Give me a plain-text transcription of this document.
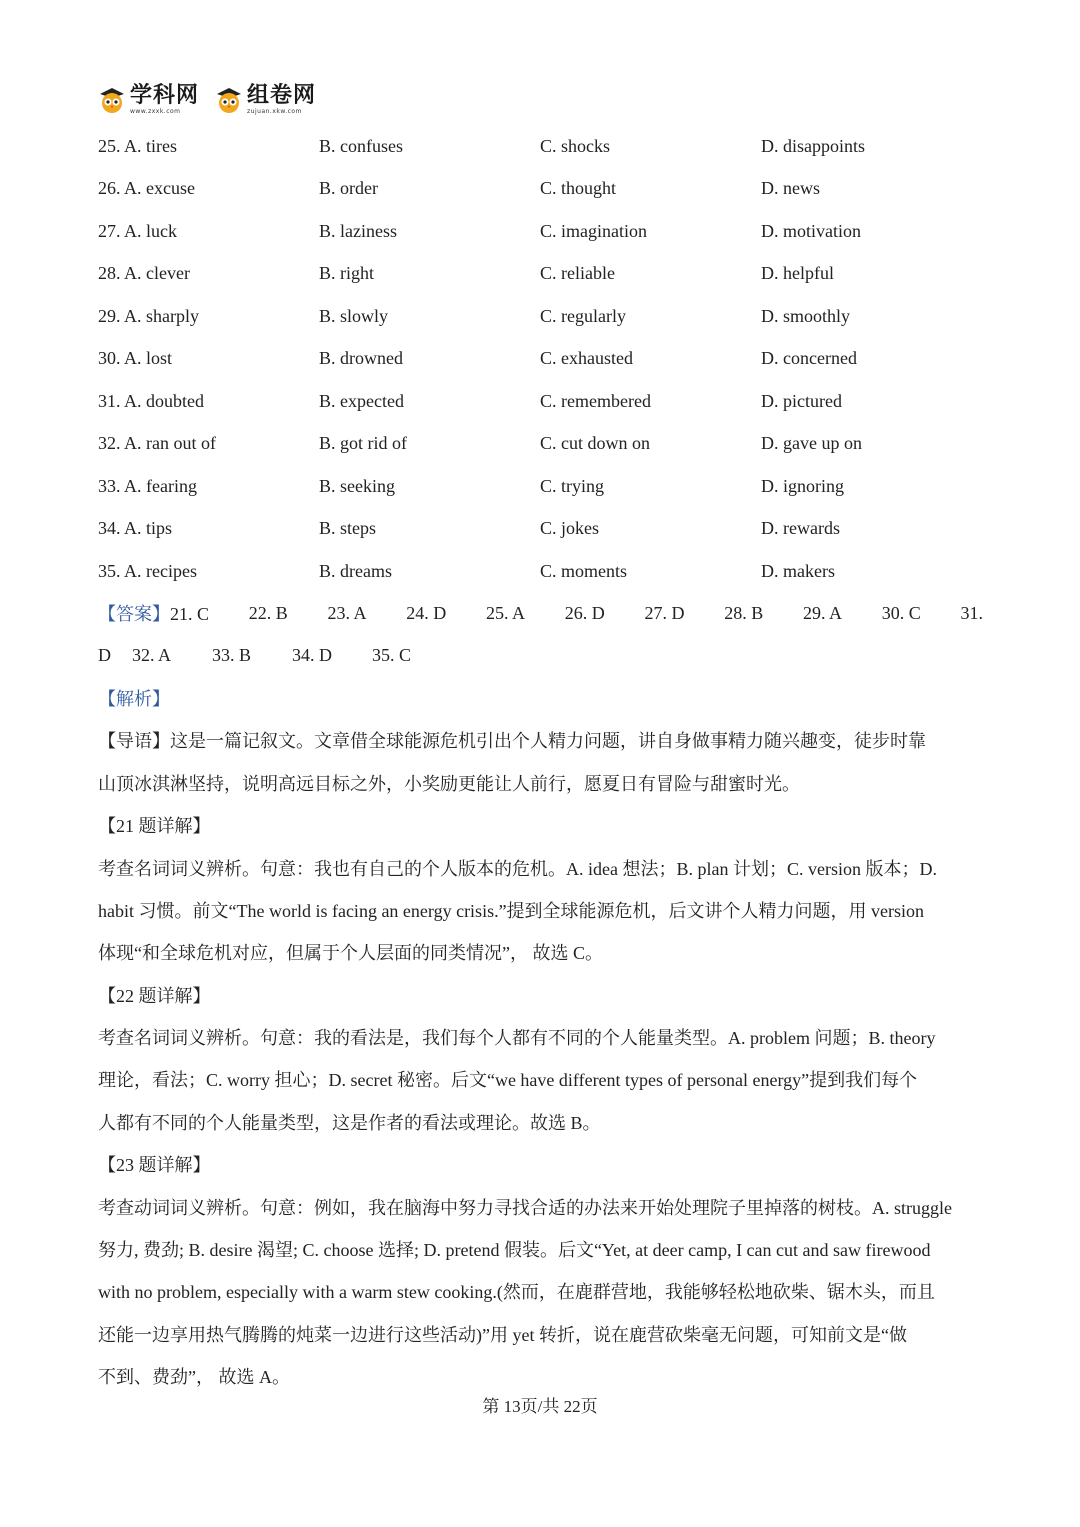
学科网
www.zxxk.com
组卷网
zujuan.xkw.com
25. A. tires	B. confuses	C. shocks	D. disappoints
26. A. excuse	B. order	C. thought	D. news
27. A. luck	B. laziness	C. imagination	D. motivation
28. A. clever	B. right	C. reliable	D. helpful
29. A. sharply	B. slowly	C. regularly	D. smoothly
30. A. lost	B. drowned	C. exhausted	D. concerned
31. A. doubted	B. expected	C. remembered	D. pictured
32. A. ran out of	B. got rid of	C. cut down on	D. gave up on
33. A. fearing	B. seeking	C. trying	D. ignoring
34. A. tips	B. steps	C. jokes	D. rewards
35. A. recipes	B. dreams	C. moments	D. makers
【答案】21. C 22. B 23. A 24. D 25. A 26. D 27. D 28. B 29. A 30. C 31.
D	32. A	33. B	34. D	35. C
【解析】
【导语】 这是一篇记叙文。文章借全球能源危机引出个人精力问题，讲自身做事精力随兴趣变，徒步时靠
山顶冰淇淋坚持，说明高远目标之外，小奖励更能让人前行，愿夏日有冒险与甜蜜时光。
【21 题详解】
考查名词词义辨析。句意：我也有自己的个人版本的危机。A. idea 想法；B. plan 计划；C. version 版本；D.
habit 习惯。前文“The world is facing an energy crisis.”提到全球能源危机，后文讲个人精力问题，用 version
体现“和全球危机对应，但属于个人层面的同类情况”， 故选 C。
【22 题详解】
考查名词词义辨析。句意：我的看法是，我们每个人都有不同的个人能量类型。A. problem 问题；B. theory
理论，看法；C. worry 担心；D. secret 秘密。后文“we have different types of personal energy”提到我们每个
人都有不同的个人能量类型，这是作者的看法或理论。故选 B。
【23 题详解】
考查动词词义辨析。句意：例如，我在脑海中努力寻找合适的办法来开始处理院子里掉落的树枝。A. struggle
努力, 费劲; B. desire 渴望; C. choose 选择; D. pretend 假装。后文“Yet, at deer camp, I can cut and saw firewood
with no problem, especially with a warm stew cooking.(然而，在鹿群营地，我能够轻松地砍柴、锯木头，而且
还能一边享用热气腾腾的炖菜一边进行这些活动)”用 yet 转折，说在鹿营砍柴毫无问题，可知前文是“做
不到、费劲”， 故选 A。
第 13页/共 22页
